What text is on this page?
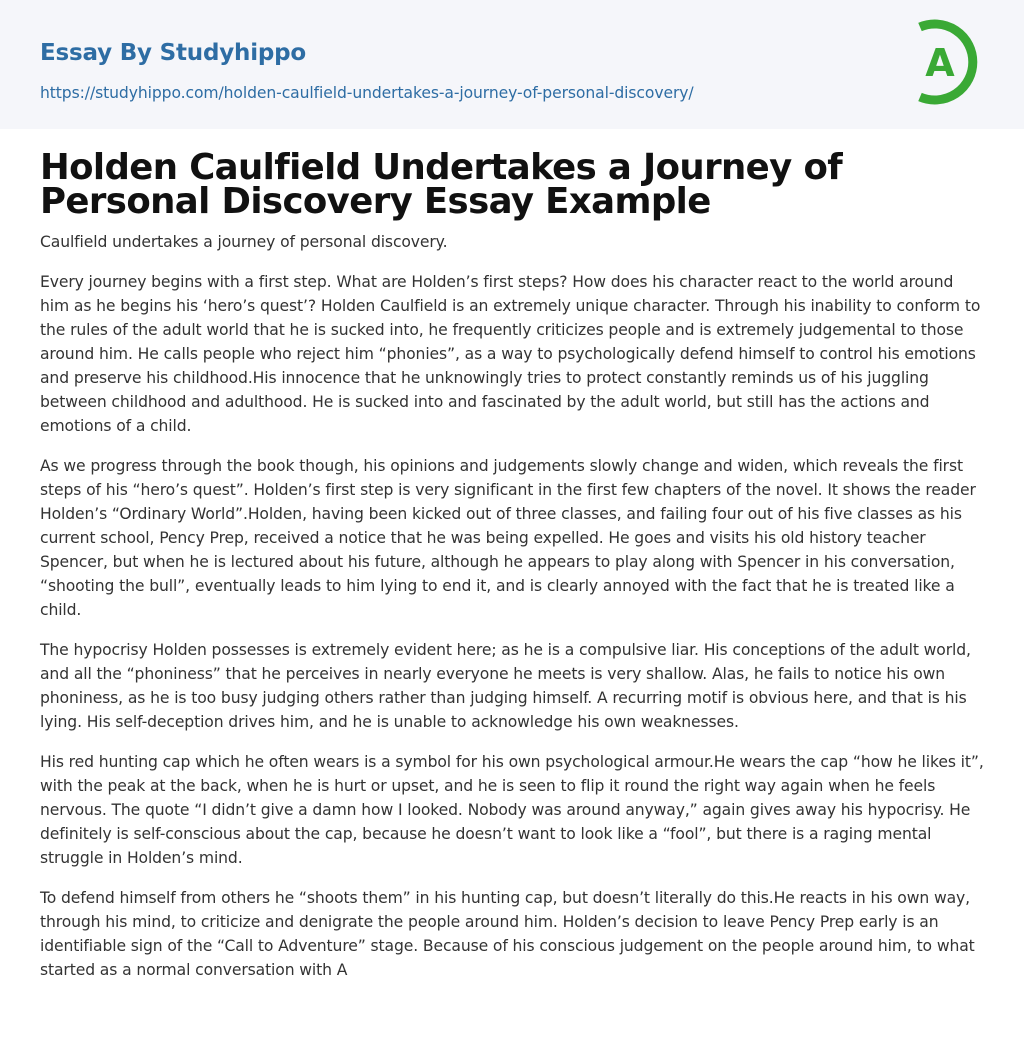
Essay By Studyhippo
https://studyhippo.com/holden-caulfield-undertakes-a-journey-of-personal-discovery/
A
Holden Caulfield Undertakes a Journey of Personal Discovery Essay Example

Caulfield undertakes a journey of personal discovery.

Every journey begins with a first step. What are Holden’s first steps? How does his character react to the world around him as he begins his ‘hero’s quest’? Holden Caulfield is an extremely unique character. Through his inability to conform to the rules of the adult world that he is sucked into, he frequently criticizes people and is extremely judgemental to those around him. He calls people who reject him “phonies”, as a way to psychologically defend himself to control his emotions and preserve his childhood.His innocence that he unknowingly tries to protect constantly reminds us of his juggling between childhood and adulthood. He is sucked into and fascinated by the adult world, but still has the actions and emotions of a child.

As we progress through the book though, his opinions and judgements slowly change and widen, which reveals the first steps of his “hero’s quest”. Holden’s first step is very significant in the first few chapters of the novel. It shows the reader Holden’s “Ordinary World”.Holden, having been kicked out of three classes, and failing four out of his five classes as his current school, Pency Prep, received a notice that he was being expelled. He goes and visits his old history teacher Spencer, but when he is lectured about his future, although he appears to play along with Spencer in his conversation, “shooting the bull”, eventually leads to him lying to end it, and is clearly annoyed with the fact that he is treated like a child.

The hypocrisy Holden possesses is extremely evident here; as he is a compulsive liar. His conceptions of the adult world, and all the “phoniness” that he perceives in nearly everyone he meets is very shallow. Alas, he fails to notice his own phoniness, as he is too busy judging others rather than judging himself. A recurring motif is obvious here, and that is his lying. His self-deception drives him, and he is unable to acknowledge his own weaknesses.

His red hunting cap which he often wears is a symbol for his own psychological armour.He wears the cap “how he likes it”, with the peak at the back, when he is hurt or upset, and he is seen to flip it round the right way again when he feels nervous. The quote “I didn’t give a damn how I looked. Nobody was around anyway,” again gives away his hypocrisy. He definitely is self-conscious about the cap, because he doesn’t want to look like a “fool”, but there is a raging mental struggle in Holden’s mind.

To defend himself from others he “shoots them” in his hunting cap, but doesn’t literally do this.He reacts in his own way, through his mind, to criticize and denigrate the people around him. Holden’s decision to leave Pency Prep early is an identifiable sign of the “Call to Adventure” stage. Because of his conscious judgement on the people around him, to what started as a normal conversation with A
